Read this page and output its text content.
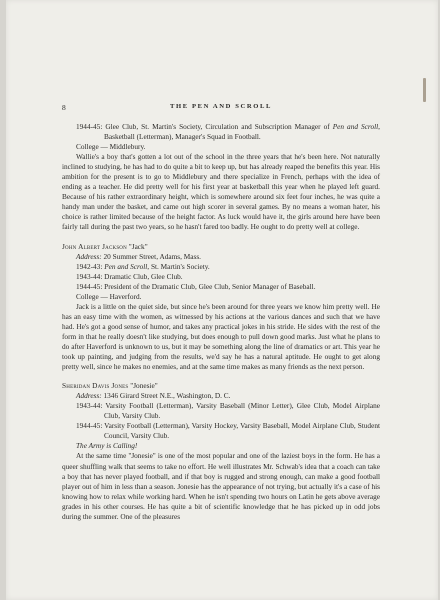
8	THE PEN AND SCROLL

1944-45: Glee Club, St. Martin's Society, Circulation and Subscription Manager of Pen and Scroll, Basketball (Letterman), Manager's Squad in Football.

College — Middlebury.

Wallie's a boy that's gotten a lot out of the school in the three years that he's been here. Not naturally inclined to studying, he has had to do quite a bit to keep up, but has already reaped the benefits this year. His ambition for the present is to go to Middlebury and there specialize in French, perhaps with the idea of ending as a teacher. He did pretty well for his first year at basketball this year when he played left guard. Because of his rather extraordinary height, which is somewhere around six feet four inches, he was quite a handy man under the basket, and came out high scorer in several games. By no means a woman hater, his choice is rather limited because of the height factor. As luck would have it, the girls around here have been fairly tall during the past two years, so he hasn't fared too badly. He ought to do pretty well at college.

John Albert Jackson "Jack"

Address: 20 Summer Street, Adams, Mass.

1942-43: Pen and Scroll, St. Martin's Society.

1943-44: Dramatic Club, Glee Club.

1944-45: President of the Dramatic Club, Glee Club, Senior Manager of Baseball.

College — Haverford.

Jack is a little on the quiet side, but since he's been around for three years we know him pretty well. He has an easy time with the women, as witnessed by his actions at the various dances and such that we have had. He's got a good sense of humor, and takes any practical jokes in his stride. He sides with the rest of the form in that he really doesn't like studying, but does enough to pull down good marks. Just what he plans to do after Haverford is unknown to us, but it may be something along the line of dramatics or art. This year he took up painting, and judging from the results, we'd say he has a natural aptitude. He ought to get along pretty well, since he makes no enemies, and at the same time makes as many friends as the next person.

Sheridan Davis Jones "Jonesie"

Address: 1346 Girard Street N.E., Washington, D. C.

1943-44: Varsity Football (Letterman), Varsity Baseball (Minor Letter), Glee Club, Model Airplane Club, Varsity Club.

1944-45: Varsity Football (Letterman), Varsity Hockey, Varsity Baseball, Model Airplane Club, Student Council, Varsity Club.

The Army is Calling!

At the same time "Jonesie" is one of the most popular and one of the laziest boys in the form. He has a queer shuffling walk that seems to take no effort. He well illustrates Mr. Schwab's idea that a coach can take a boy that has never played football, and if that boy is rugged and strong enough, can make a good football player out of him in less than a season. Jonesie has the appearance of not trying, but actually it's a case of his knowing how to relax while working hard. When he isn't spending two hours on Latin he gets above average grades in his other courses. He has quite a bit of scientific knowledge that he has picked up in odd jobs during the summer. One of the pleasures
